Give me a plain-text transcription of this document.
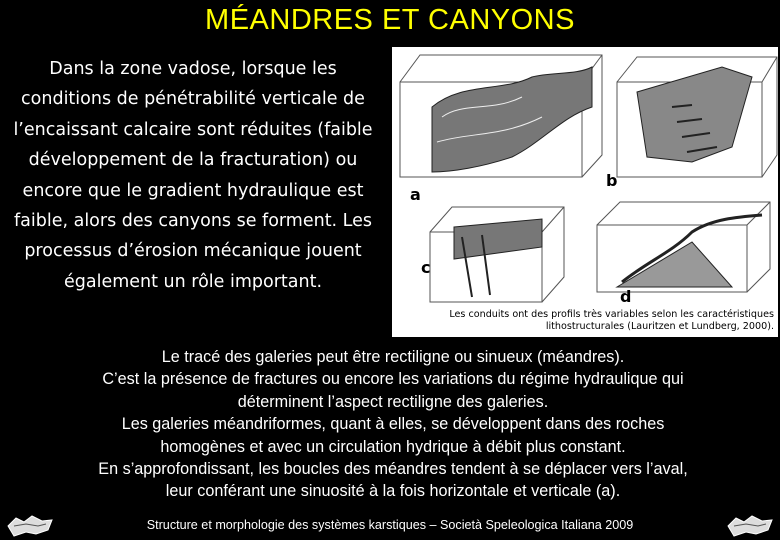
MÉANDRES ET CANYONS
Dans la zone vadose, lorsque les conditions de pénétrabilité verticale de l’encaissant calcaire sont réduites (faible développement de la fracturation) ou encore que le gradient hydraulique est faible, alors des canyons se forment. Les processus d’érosion mécanique jouent également un rôle important.
a
b
c
d
Les conduits ont des profils très variables selon les caractéristiques
lithostructurales (Lauritzen et Lundberg, 2000).
Le tracé des galeries peut être rectiligne ou sinueux (méandres).
C’est la présence de fractures ou encore les variations du régime hydraulique qui
déterminent l’aspect rectiligne des galeries.
Les galeries méandriformes, quant à elles, se développent dans des roches
homogènes et avec un circulation hydrique à débit plus constant.
En s’approfondissant, les boucles des méandres tendent à se déplacer vers l’aval,
leur conférant une sinuosité à la fois horizontale et verticale (a).
Structure et morphologie des systèmes karstiques – Società Speleologica Italiana 2009
